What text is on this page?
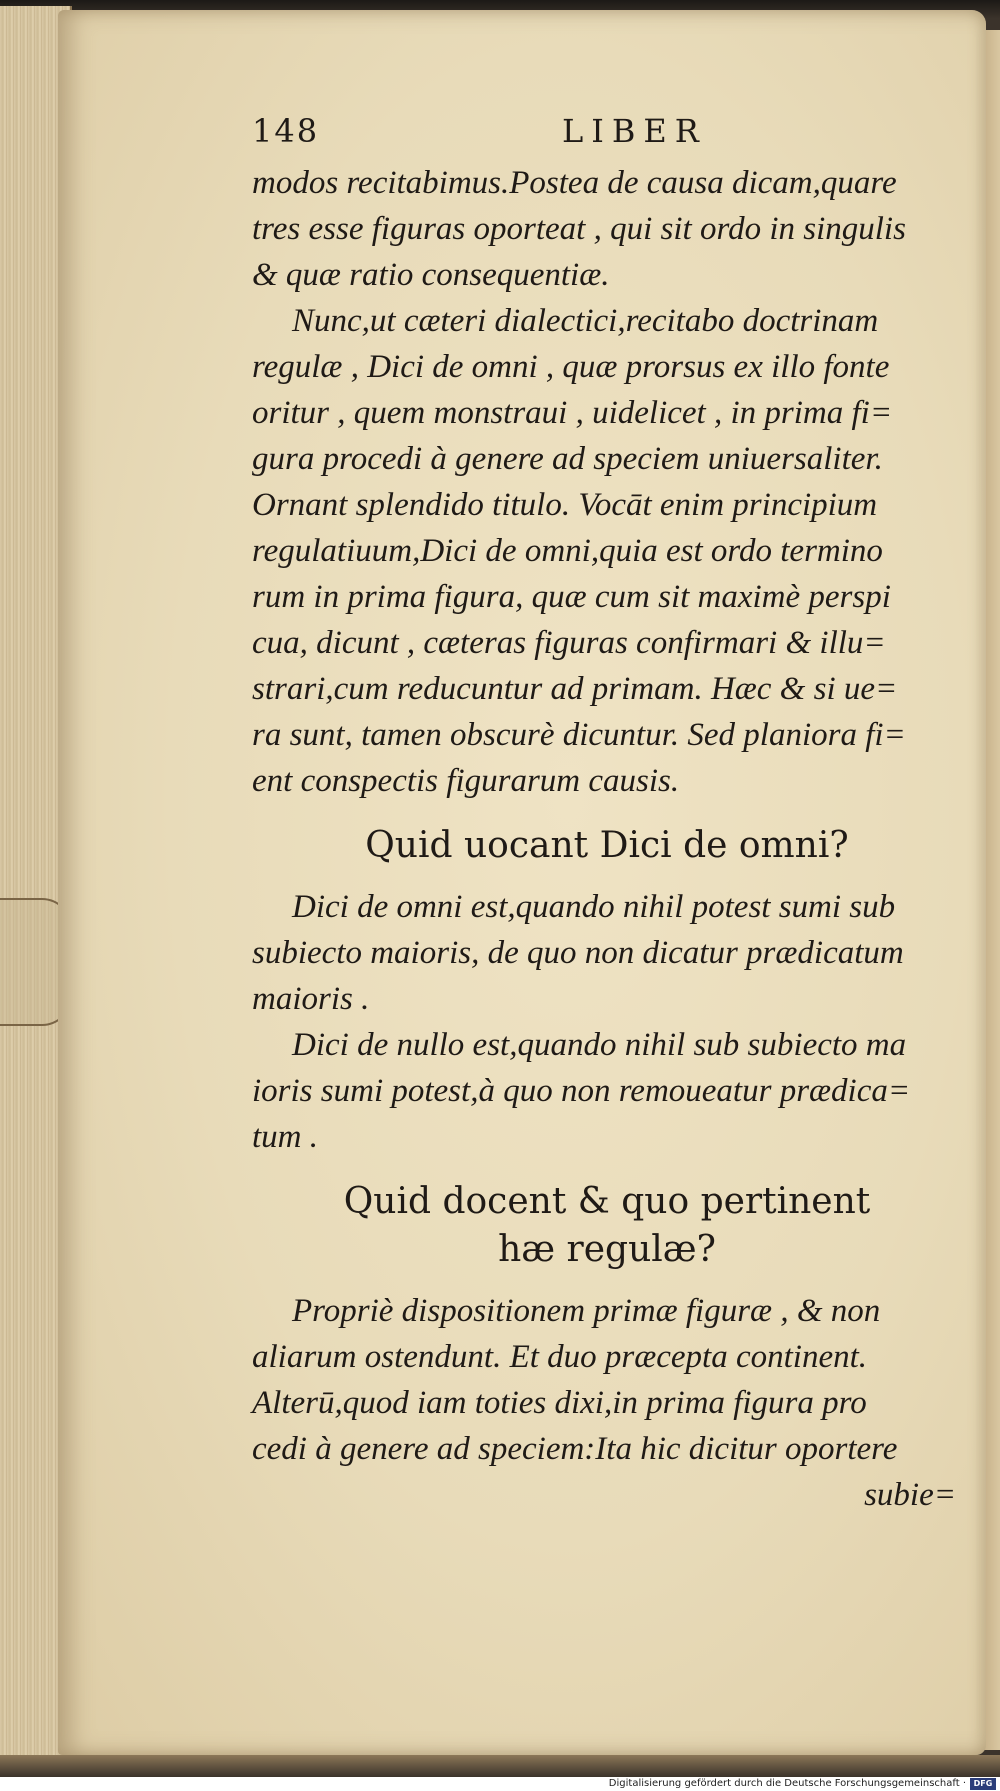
148	LIBER
modos recitabimus.Postea de causa dicam,quare
tres esse figuras oporteat , qui sit ordo in singulis
& quæ ratio consequentiæ.
Nunc,ut cæteri dialectici,recitabo doctrinam
regulæ , Dici de omni , quæ prorsus ex illo fonte
oritur , quem monstraui , uidelicet , in prima fi=
gura procedi à genere ad speciem uniuersaliter.
Ornant splendido titulo. Vocāt enim principium
regulatiuum,Dici de omni,quia est ordo termino
rum in prima figura, quæ cum sit maximè perspi
cua, dicunt , cæteras figuras confirmari & illu=
strari,cum reducuntur ad primam. Hæc & si ue=
ra sunt, tamen obscurè dicuntur. Sed planiora fi=
ent conspectis figurarum causis.
Quid uocant Dici de omni?
Dici de omni est,quando nihil potest sumi sub
subiecto maioris, de quo non dicatur prædicatum
maioris .
Dici de nullo est,quando nihil sub subiecto ma
ioris sumi potest,à quo non remoueatur prædica=
tum .
Quid docent & quo pertinent
hæ regulæ?
Propriè dispositionem primæ figuræ , & non
aliarum ostendunt. Et duo præcepta continent.
Alterū,quod iam toties dixi,in prima figura pro
cedi à genere ad speciem:Ita hic dicitur oportere
subie=
Digitalisierung gefördert durch die Deutsche Forschungsgemeinschaft · DFG
